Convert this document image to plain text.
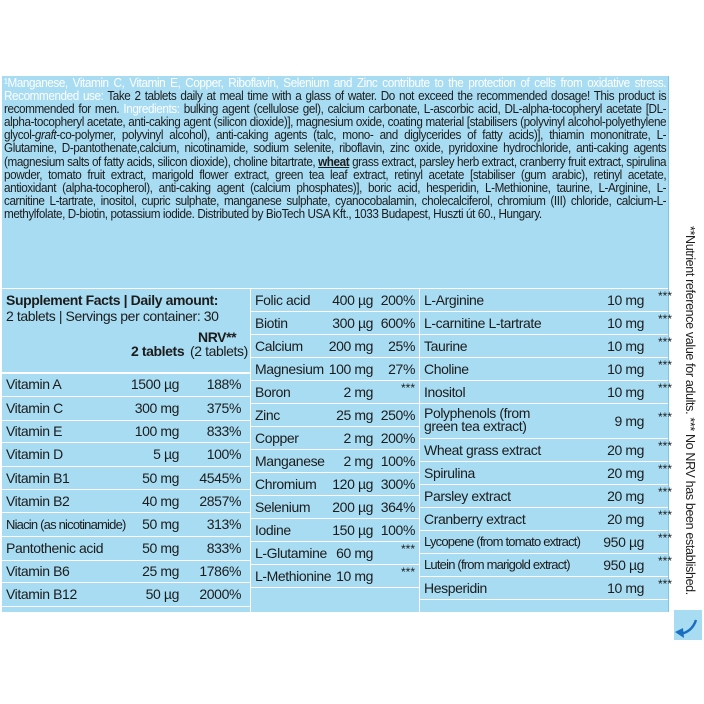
¹Manganese, Vitamin C, Vitamin E, Copper, Riboflavin, Selenium and Zinc contribute to the protection of cells from oxidative stress. Recommended use: Take 2 tablets daily at meal time with a glass of water. Do not exceed the recommended dosage! This product is recommended for men. Ingredients: bulking agent (cellulose gel), calcium carbonate, L-ascorbic acid, DL-alpha-tocopheryl acetate [DL-alpha-tocopheryl acetate, anti-caking agent (silicon dioxide)], magnesium oxide, coating material [stabilisers (polyvinyl alcohol-polyethylene glycol-graft-co-polymer, polyvinyl alcohol), anti-caking agents (talc, mono- and diglycerides of fatty acids)], thiamin mononitrate, L-Glutamine, D-pantothenate,calcium, nicotinamide, sodium selenite, riboflavin, zinc oxide, pyridoxine hydrochloride, anti-caking agents (magnesium salts of fatty acids, silicon dioxide), choline bitartrate, wheat grass extract, parsley herb extract, cranberry fruit extract, spirulina powder, tomato fruit extract, marigold flower extract, green tea leaf extract, retinyl acetate [stabiliser (gum arabic), retinyl acetate, antioxidant (alpha-tocopherol), anti-caking agent (calcium phosphates)], boric acid, hesperidin, L-Methionine, taurine, L-Arginine, L-carnitine L-tartrate, inositol, cupric sulphate, manganese sulphate, cyanocobalamin, cholecalciferol, chromium (III) chloride, calcium-L-methylfolate, D-biotin, potassium iodide. Distributed by BioTech USA Kft., 1033 Budapest, Huszti út 60., Hungary.
**Nutrient reference value for adults. *** No NRV has been established.
Supplement Facts | Daily amount:
2 tablets | Servings per container: 30
2 tablets
NRV**
(2 tablets)
Vitamin A	1500 µg 188%
Vitamin C	300 mg 375%
Vitamin E	100 mg 833%
Vitamin D	5 µg 100%
Vitamin B1	50 mg 4545%
Vitamin B2	40 mg 2857%
Niacin (as nicotinamide) 50 mg 313%
Pantothenic acid	50 mg 833%
Vitamin B6	25 mg 1786%
Vitamin B12	50 µg 2000%
Folic acid 400 µg 200%
Biotin	300 µg 600%
Calcium 200 mg 25%
Magnesium 100 mg 27%
Boron	2 mg ***
Zinc	25 mg 250%
Copper	2 mg 200%
Manganese 2 mg 100%
Chromium 120 µg 300%
Selenium 200 µg 364%
Iodine	150 µg 100%
L-Glutamine 60 mg ***
L-Methionine 10 mg ***
L-Arginine	10 mg ***
L-carnitine L-tartrate	10 mg ***
Taurine	10 mg ***
Choline	10 mg ***
Inositol	10 mg ***
Polyphenols (from
green tea extract)	9 mg ***
Wheat grass extract	20 mg ***
Spirulina	20 mg ***
Parsley extract	20 mg ***
Cranberry extract	20 mg ***
Lycopene (from tomato extract) 950 µg ***
Lutein (from marigold extract) 950 µg ***
Hesperidin	10 mg ***
